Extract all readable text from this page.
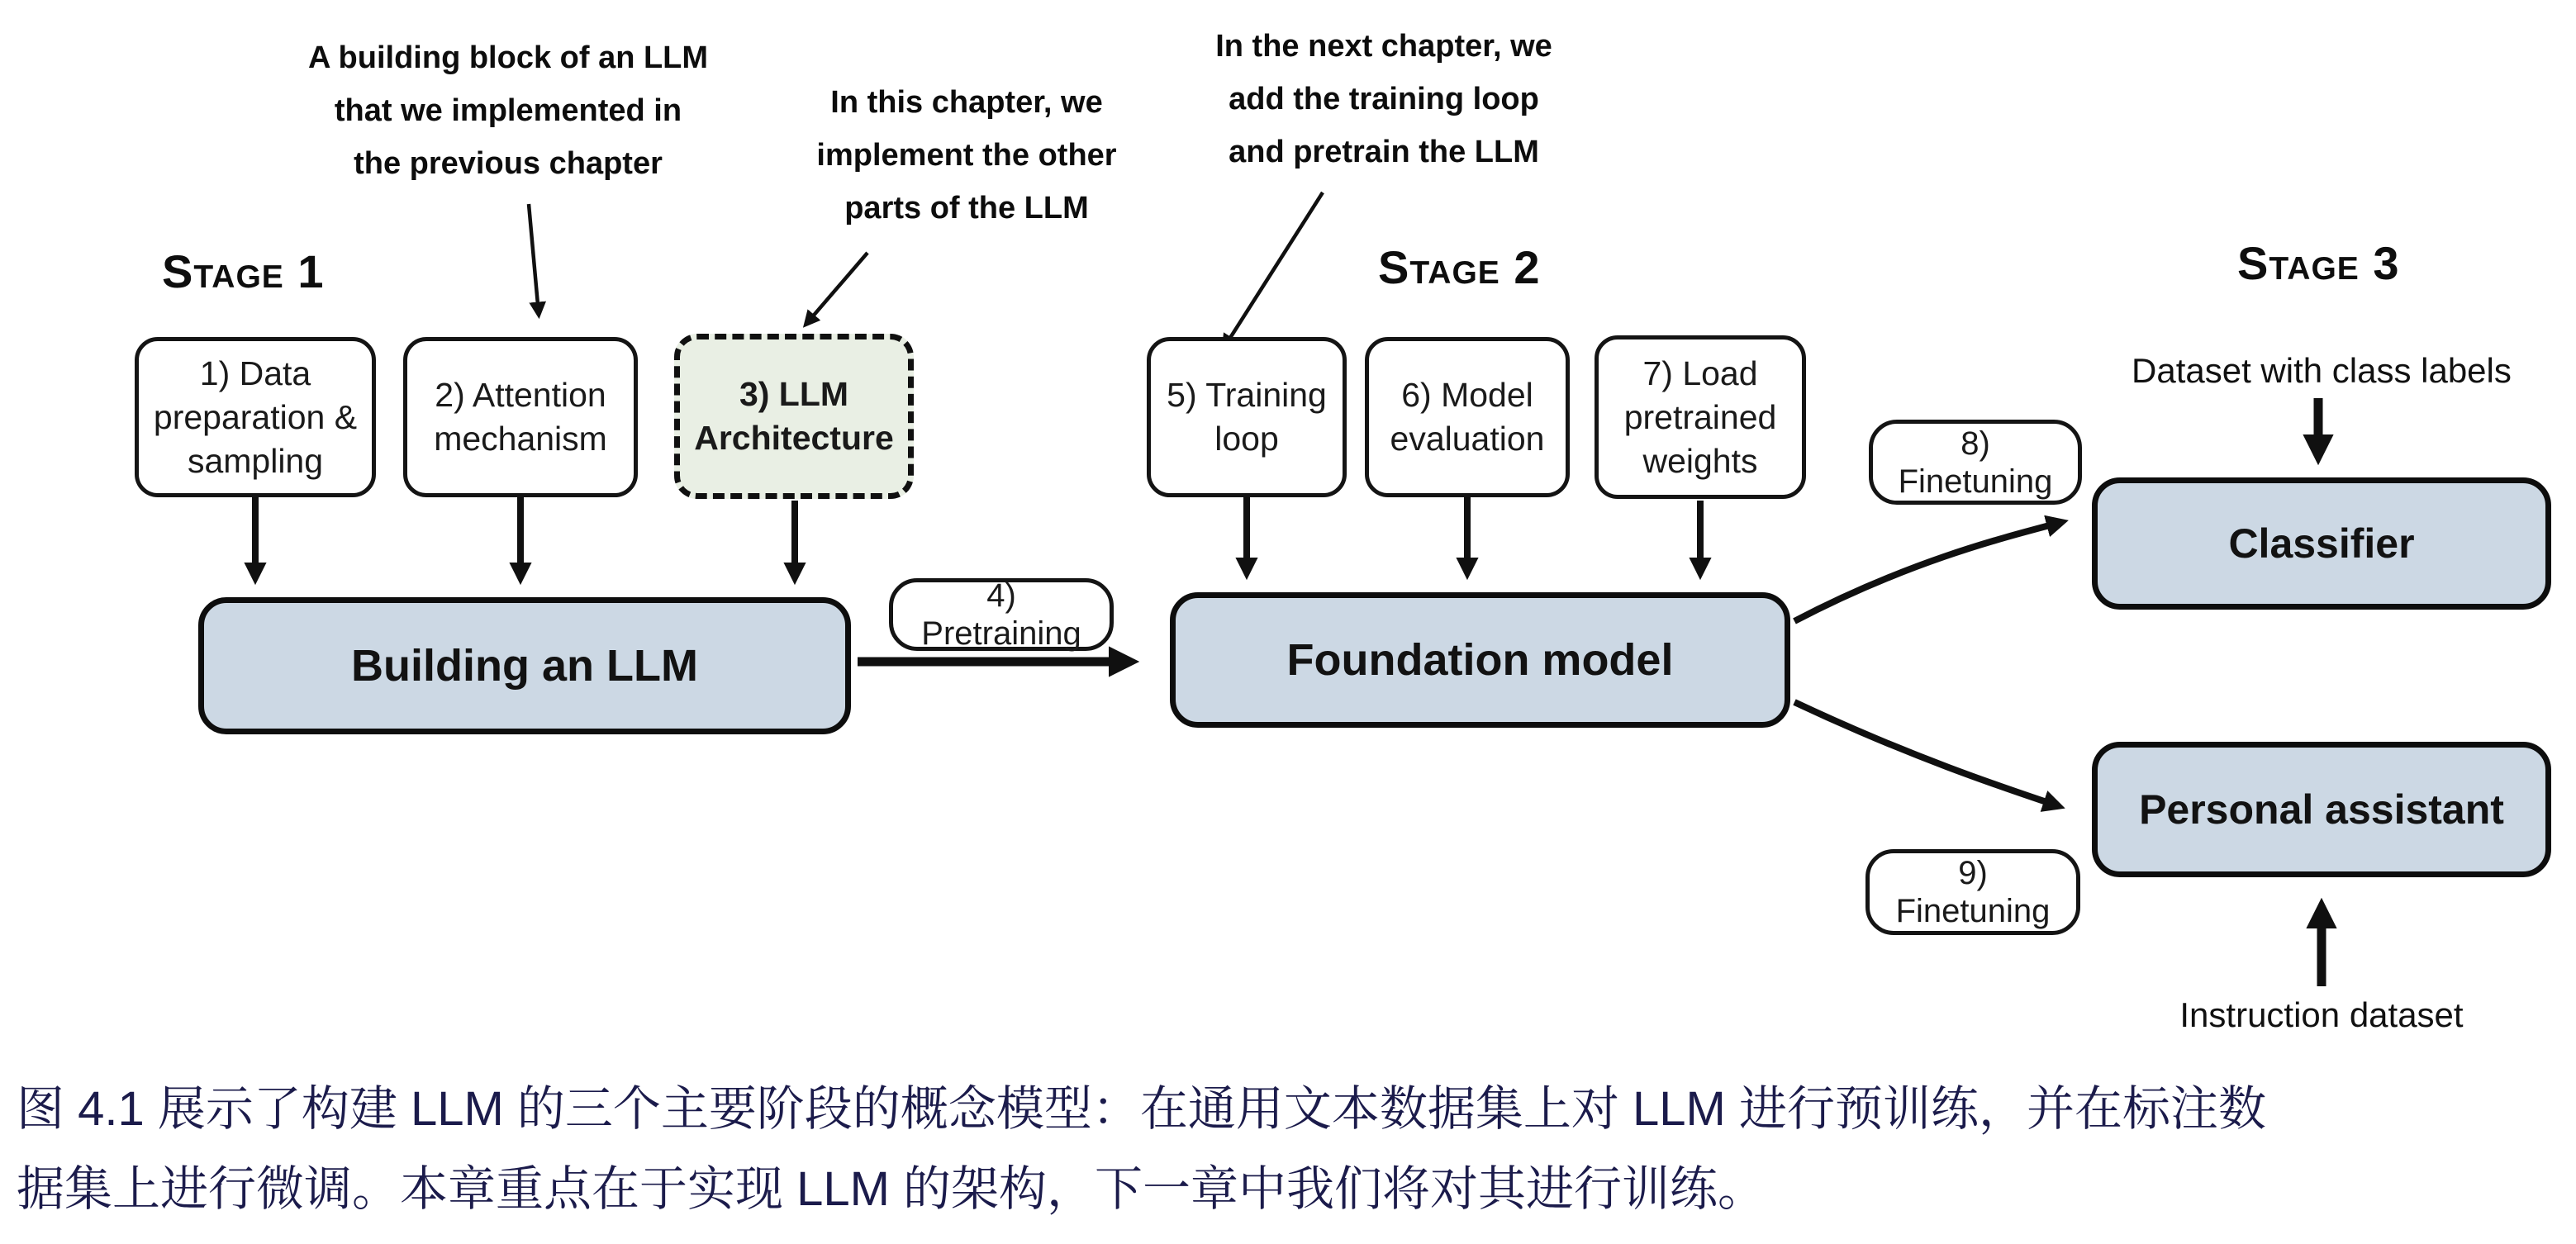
Stage 1	Stage 2	Stage 3
A building block of an LLM
that we implemented in
the previous chapter
In this chapter, we
implement the other
parts of the LLM
In the next chapter, we
add the training loop
and pretrain the LLM
1) Data preparation & sampling
2) Attention mechanism
3) LLM Architecture
4) Pretraining
5) Training loop
6) Model evaluation
7) Load pretrained weights	8) Finetuning
9) Finetuning
Building an LLM	Foundation model
Classifier
Personal assistant
Dataset with class labels
Instruction dataset
图 4.1 展示了构建 LLM 的三个主要阶段的概念模型：在通用文本数据集上对 LLM 进行预训练，并在标注数
据集上进行微调。本章重点在于实现 LLM 的架构，下一章中我们将对其进行训练。
